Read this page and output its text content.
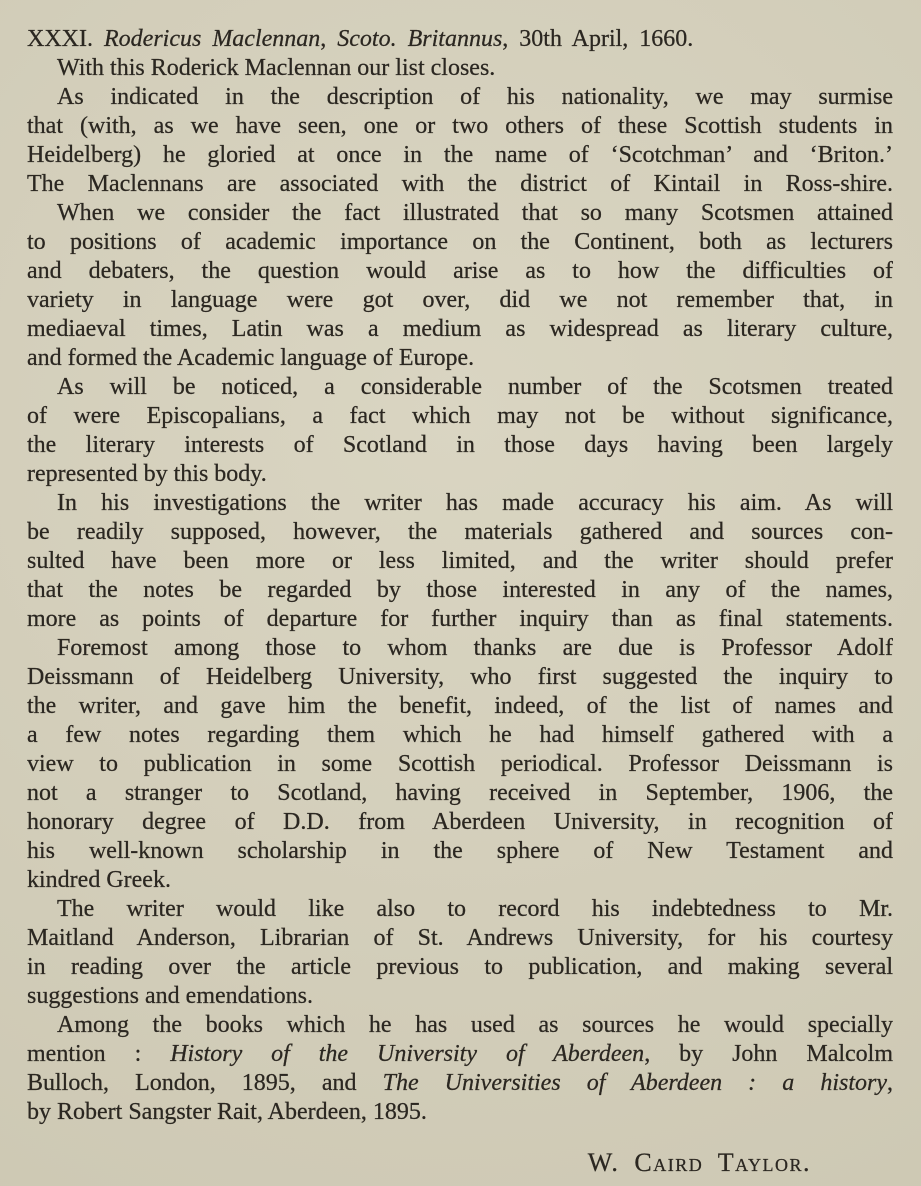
XXXI. Rodericus Maclennan, Scoto. Britannus, 30th April, 1660.
With this Roderick Maclennan our list closes.
As indicated in the description of his nationality, we may surmise
that (with, as we have seen, one or two others of these Scottish students in
Heidelberg) he gloried at once in the name of ‘Scotchman’ and ‘Briton.’
The Maclennans are associated with the district of Kintail in Ross-shire.
When we consider the fact illustrated that so many Scotsmen attained
to positions of academic importance on the Continent, both as lecturers
and debaters, the question would arise as to how the difficulties of
variety in language were got over, did we not remember that, in
mediaeval times, Latin was a medium as widespread as literary culture,
and formed the Academic language of Europe.
As will be noticed, a considerable number of the Scotsmen treated
of were Episcopalians, a fact which may not be without significance,
the literary interests of Scotland in those days having been largely
represented by this body.
In his investigations the writer has made accuracy his aim. As will
be readily supposed, however, the materials gathered and sources con-
sulted have been more or less limited, and the writer should prefer
that the notes be regarded by those interested in any of the names,
more as points of departure for further inquiry than as final statements.
Foremost among those to whom thanks are due is Professor Adolf
Deissmann of Heidelberg University, who first suggested the inquiry to
the writer, and gave him the benefit, indeed, of the list of names and
a few notes regarding them which he had himself gathered with a
view to publication in some Scottish periodical. Professor Deissmann is
not a stranger to Scotland, having received in September, 1906, the
honorary degree of D.D. from Aberdeen University, in recognition of
his well-known scholarship in the sphere of New Testament and
kindred Greek.
The writer would like also to record his indebtedness to Mr.
Maitland Anderson, Librarian of St. Andrews University, for his courtesy
in reading over the article previous to publication, and making several
suggestions and emendations.
Among the books which he has used as sources he would specially
mention : History of the University of Aberdeen, by John Malcolm
Bulloch, London, 1895, and The Universities of Aberdeen : a history,
by Robert Sangster Rait, Aberdeen, 1895.
W. Caird Taylor.
